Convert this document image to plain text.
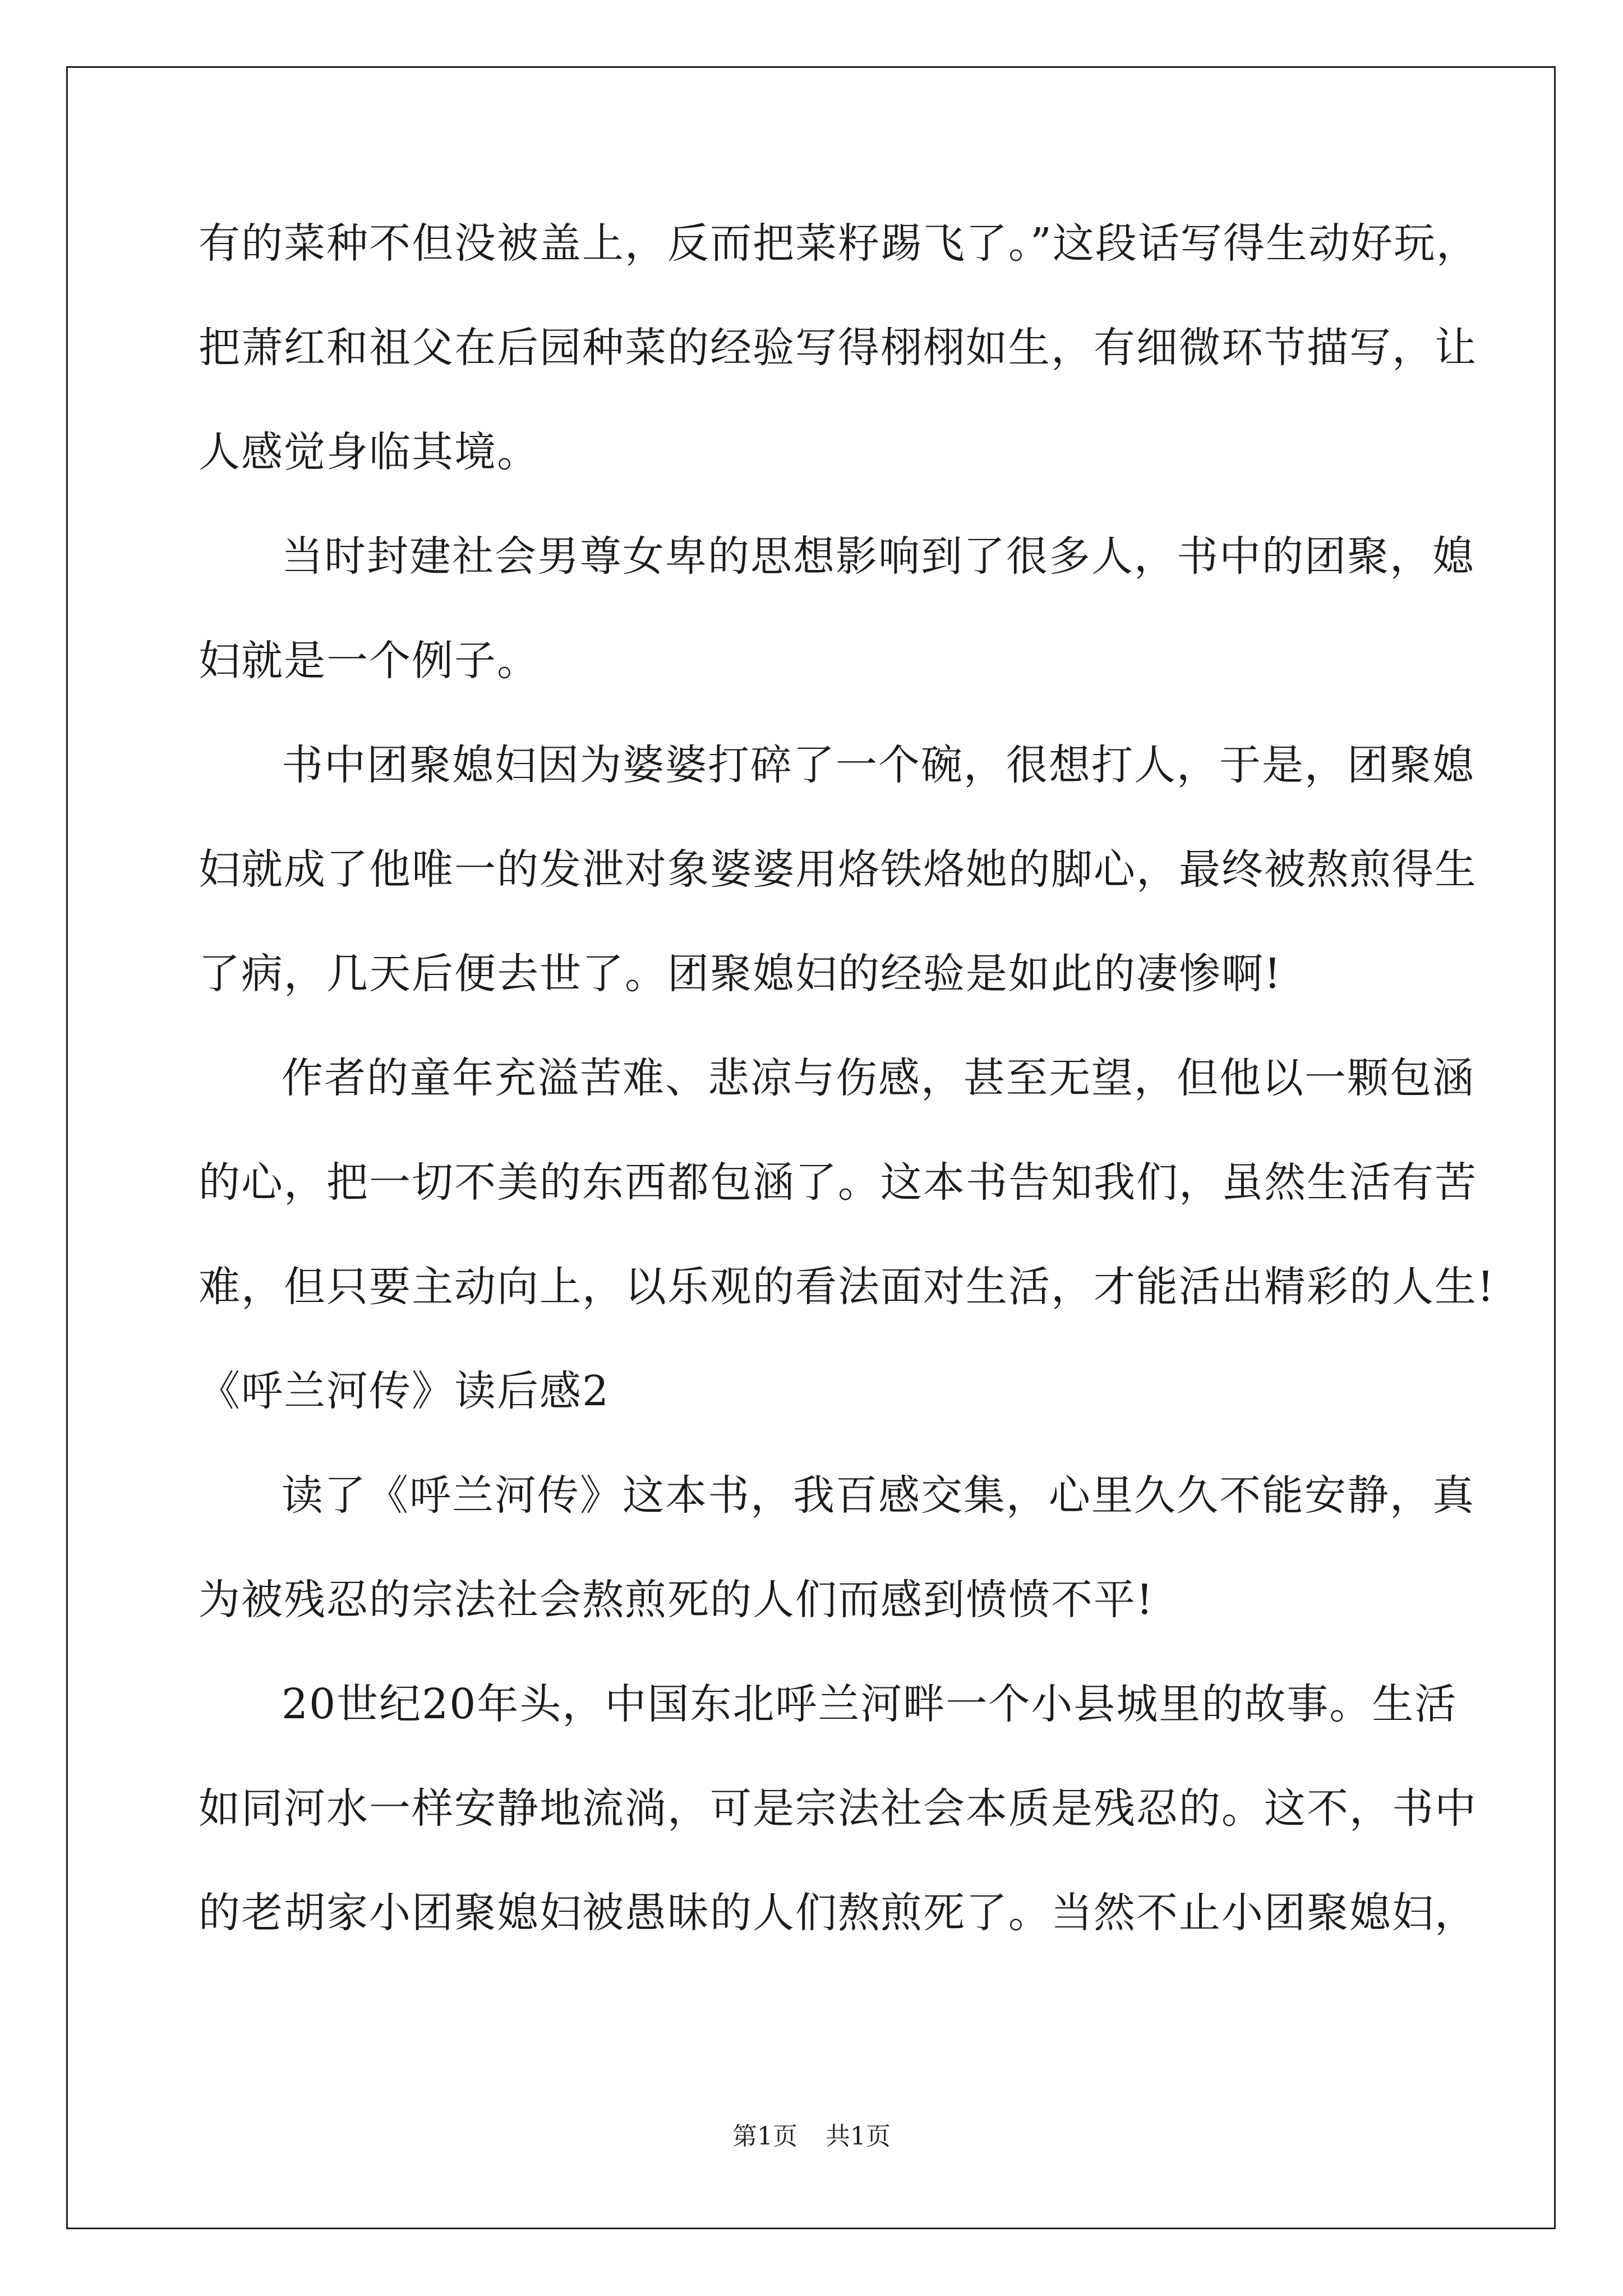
有的菜种不但没被盖上，反而把菜籽踢飞了。”这段话写得生动好玩，
把萧红和祖父在后园种菜的经验写得栩栩如生，有细微环节描写，让
人感觉身临其境。
当时封建社会男尊女卑的思想影响到了很多人，书中的团聚，媳
妇就是一个例子。
书中团聚媳妇因为婆婆打碎了一个碗，很想打人，于是，团聚媳
妇就成了他唯一的发泄对象婆婆用烙铁烙她的脚心，最终被熬煎得生
了病，几天后便去世了。团聚媳妇的经验是如此的凄惨啊!
作者的童年充溢苦难、悲凉与伤感，甚至无望，但他以一颗包涵
的心，把一切不美的东西都包涵了。这本书告知我们，虽然生活有苦
难，但只要主动向上，以乐观的看法面对生活，才能活出精彩的人生!
《呼兰河传》读后感2
读了《呼兰河传》这本书，我百感交集，心里久久不能安静，真
为被残忍的宗法社会熬煎死的人们而感到愤愤不平!
20世纪20年头，中国东北呼兰河畔一个小县城里的故事。生活
如同河水一样安静地流淌，可是宗法社会本质是残忍的。这不，书中
的老胡家小团聚媳妇被愚昧的人们熬煎死了。当然不止小团聚媳妇，
第1页 共1页
